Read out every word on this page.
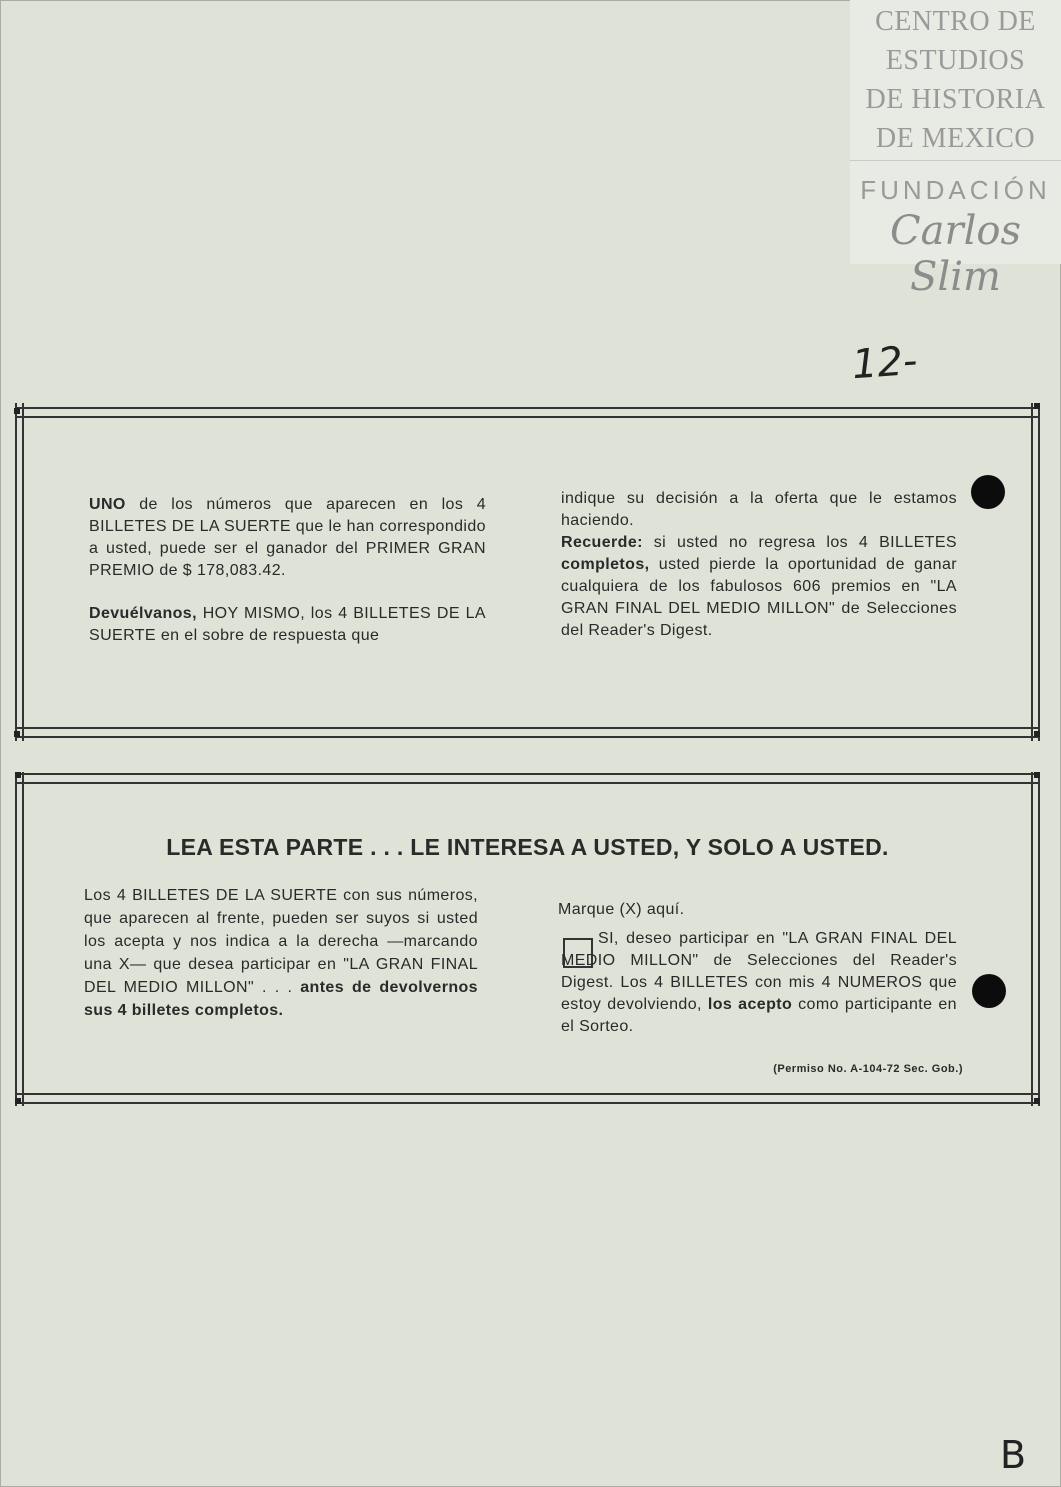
CENTRO DE
ESTUDIOS
DE HISTORIA
DE MEXICO
FUNDACIÓN
Carlos Slim
12-
B
UNO de los números que aparecen en los 4 BILLETES DE LA SUERTE que le han correspondido a usted, puede ser el ganador del PRIMER GRAN PREMIO de $ 178,083.42.
Devuélvanos, HOY MISMO, los 4 BILLETES DE LA SUERTE en el sobre de respuesta que
indique su decisión a la oferta que le estamos haciendo.
Recuerde: si usted no regresa los 4 BILLETES completos, usted pierde la oportunidad de ganar cualquiera de los fabulosos 606 premios en "LA GRAN FINAL DEL MEDIO MILLON" de Selecciones del Reader's Digest.
LEA ESTA PARTE . . . LE INTERESA A USTED, Y SOLO A USTED.
Los 4 BILLETES DE LA SUERTE con sus números, que aparecen al frente, pueden ser suyos si usted los acepta y nos indica a la derecha —marcando una X— que desea participar en "LA GRAN FINAL DEL MEDIO MILLON" . . . antes de devolvernos sus 4 billetes completos.
Marque (X) aquí.
SI, deseo participar en "LA GRAN FINAL DEL MEDIO MILLON" de Selecciones del Reader's Digest. Los 4 BILLETES con mis 4 NUMEROS que estoy devolviendo, los acepto como participante en el Sorteo.
(Permiso No. A-104-72 Sec. Gob.)
